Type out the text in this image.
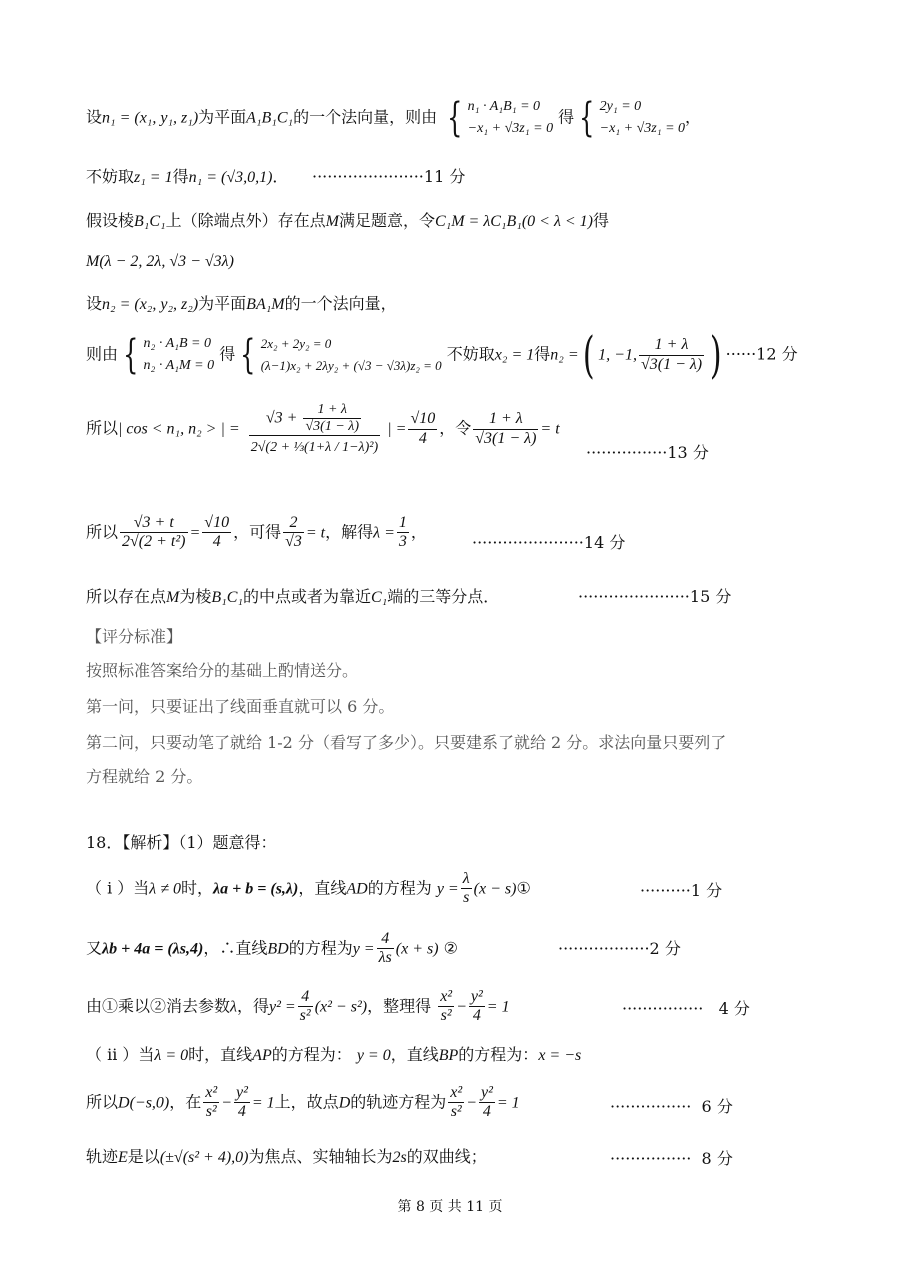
设n₁ = (x₁, y₁, z₁)为平面A₁B₁C₁的一个法向量，则由 { n₁ · A₁B₁ = 0
−x₁ + √3z₁ = 0
得 { 2y₁ = 0
−x₁ + √3z₁ = 0
，
不妨取z₁ = 1得n₁ = (√3,0,1)． ······················11 分
假设棱B₁C₁上（除端点外）存在点M满足题意，令C₁M = λC₁B₁(0 < λ < 1)得
M(λ − 2, 2λ, √3 − √3λ)
设n₂ = (x₂, y₂, z₂)为平面BA₁M的一个法向量，
则由 { n₂ · A₁B = 0
n₂ · A₁M = 0
得 { 2x₂ + 2y₂ = 0
(λ−1)x₂ + 2λy₂ + (√3 − √3λ)z₂ = 0
不妨取x₂ = 1得n₂ =( 1, −1, $\frac{1 + \lambda}{√3(1 - \lambda)}$ ) ······12 分
所以| cos < n₁, n₂ > | = $\frac{√3 + \frac{1 + \lambda}{√3(1 - \lambda)}}{\text{2√(2 + ⅓(1+λ / 1−λ)²)}}$ | = $\frac{√10}{4}$ ，令 $\frac{1 + \lambda}{√3(1 - \lambda)} = t$
················13 分
所以 $\frac{√3 + t}{\text{2√(2 + t²)}} = \frac{√10}{4}$ ，可得 $\frac{2}{√3} = t$，解得$\lambda = \frac{1}{3}$ ，
······················14 分
所以存在点M为棱B₁C₁的中点或者为靠近C₁端的三等分点．	······················15 分
【评分标准】
按照标准答案给分的基础上酌情送分。
第一问，只要证出了线面垂直就可以 6 分。
第二问，只要动笔了就给 1-2 分（看写了多少）。只要建系了就给 2 分。求法向量只要列了
方程就给 2 分。
18．【解析】（1）题意得：
（ i ）当λ ≠ 0时，λa + b = (s,λ)，直线AD的方程为 $y = \frac{\lambda}{s} (x$ − s)①	··········1 分
又λb + 4a = (λs,4)，∴直线BD的方程为$y = \frac{4}{\lambda s} (x + s)$ ②	··················2 分
由①乘以②消去参数λ，得$y^2 = \frac{4}{\text{s²}} (x^2 - s^2)$，整理得 $\frac{\text{x²}}{\text{s²}} - \frac{\text{y²}}{4} = 1$	················ 4 分
（ ii ）当λ = 0时，直线AP的方程为： y = 0，直线BP的方程为：x = −s
所以D(−s,0)，在 $\frac{\text{x²}}{\text{s²}} - \frac{\text{y²}}{4} = 1$上，故点D的轨迹方程为 $\frac{\text{x²}}{\text{s²}} - \frac{\text{y²}}{4} = 1$	················ 6 分
轨迹E是以(±√(s² + 4),0)为焦点、实轴轴长为2s的双曲线；	················ 8 分
第 8 页 共 11 页
